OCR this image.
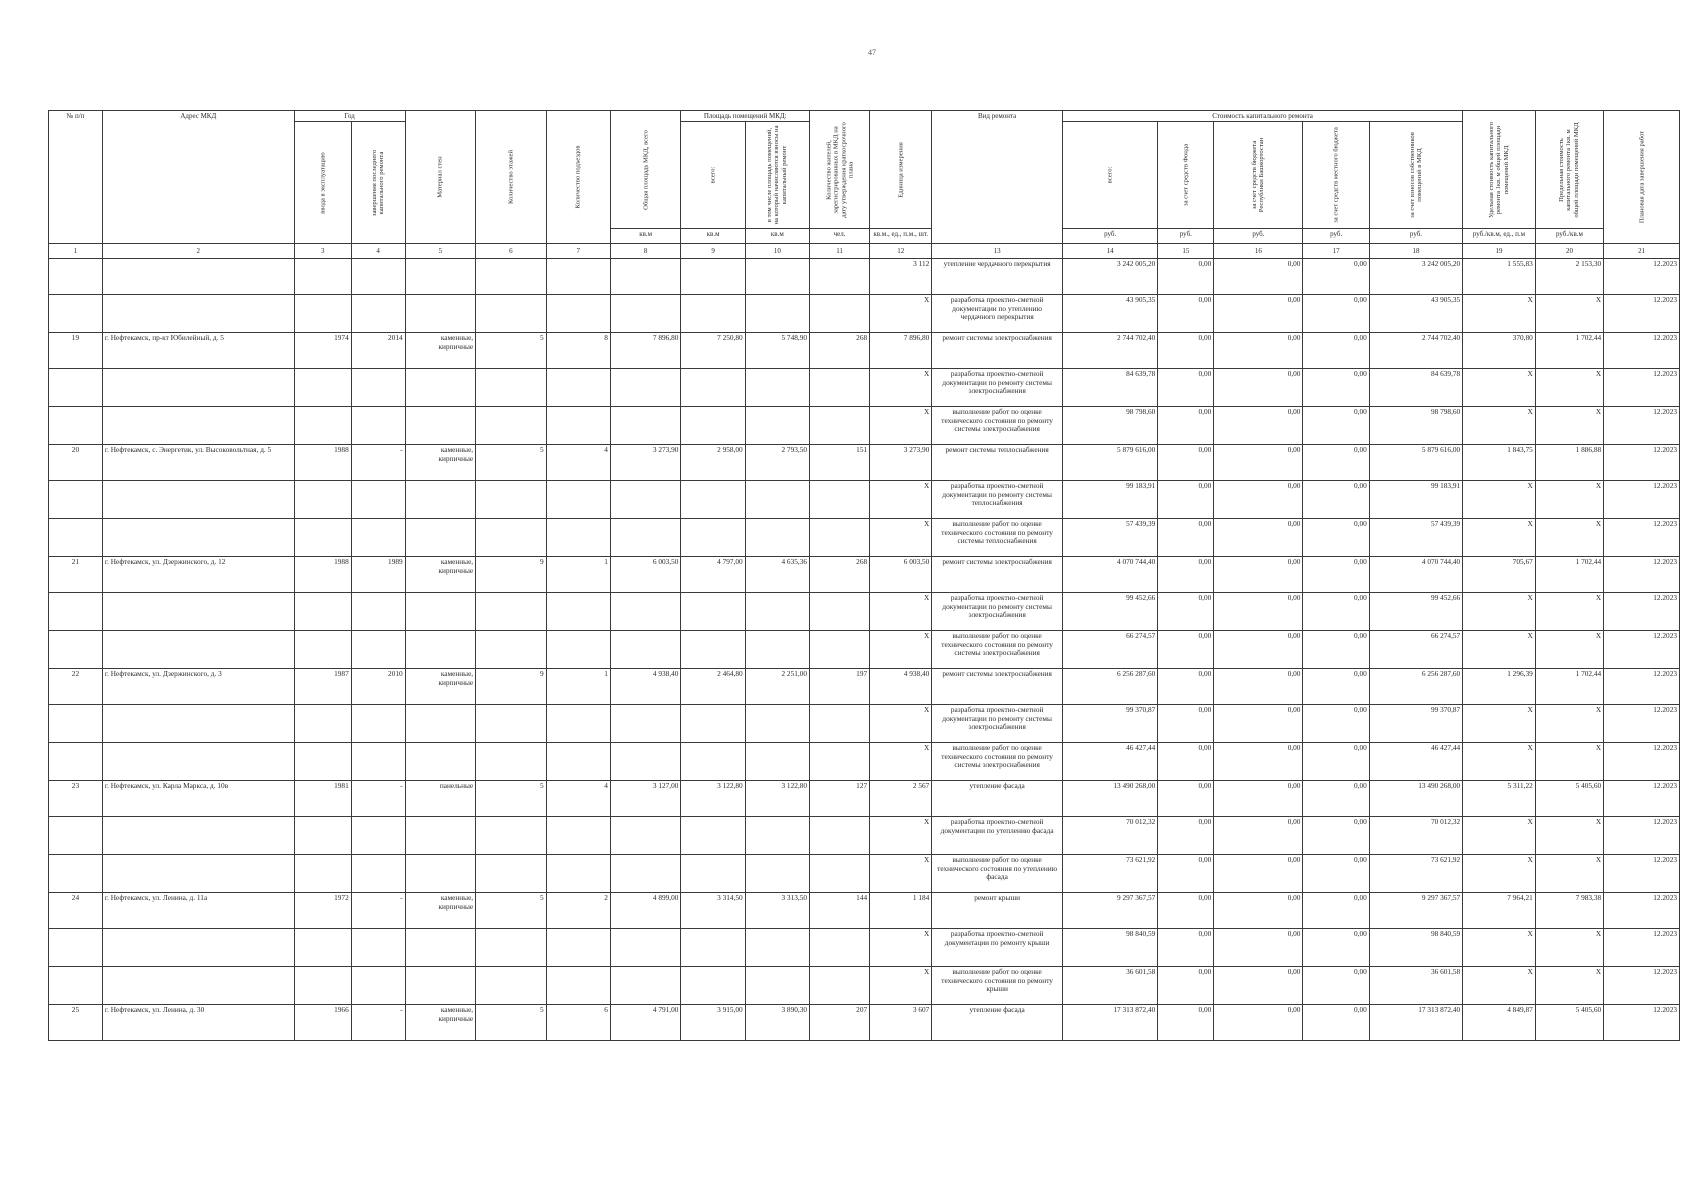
47
№ п/п	Адрес МКД	Год		Материал стен	Количество этажей	Количество подъездов	Общая площадь МКД, всего	Площадь помещений МКД:		Количество жителей, зарегистрированных в МКД на дату утверждения краткосрочного плана	Единица измерения	Вид ремонта	Стоимость капитального ремонта					Удельная стоимость капитального ремонта 1кв. м общей площади помещений МКД	Предельная стоимость капитального ремонта 1кв. м общей площади помещений МКД	Плановая дата завершения работ

		ввода в эксплуатацию	завершения последнего капитального ремонта					всего:	в том числе площадь помещений, на который начисляются взносы на капитальный ремонт				всего:	за счет средств Фонда	за счет средств бюджета Республики Башкортостан	за счет средств местного бюджета	за счет взносов собственников помещений в МКД			

							кв.м	кв.м	кв.м	чел.	кв.м., ед., п.м., шт.		руб.	руб.	руб.	руб.	руб.	руб./кв.м, ед., п.м	руб./кв.м	
1	2	3	4	5	6	7	8	9	10	11	12	13	14	15	16	17	18	19	20	21
											3 112	утепление чердачного перекрытия	3 242 005,20	0,00	0,00	0,00	3 242 005,20	1 555,83	2 153,30	12.2023
											X	разработка проектно-сметной документации по утеплению чердачного перекрытия	43 905,35	0,00	0,00	0,00	43 905,35	X	X	12.2023
19	г. Нефтекамск, пр-кт Юбилейный, д. 5	1974	2014	каменные, кирпичные	5	8	7 896,80	7 250,80	5 748,90	268	7 896,80	ремонт системы электроснабжения	2 744 702,40	0,00	0,00	0,00	2 744 702,40	370,80	1 702,44	12.2023
											X	разработка проектно-сметной документации по ремонту системы электроснабжения	84 639,78	0,00	0,00	0,00	84 639,78	X	X	12.2023
											X	выполнение работ по оценке технического состояния по ремонту системы электроснабжения	98 798,60	0,00	0,00	0,00	98 798,60	X	X	12.2023
20	г. Нефтекамск, с. Энергетик, ул. Высоковольтная, д. 5	1988	-	каменные, кирпичные	5	4	3 273,90	2 958,00	2 793,50	151	3 273,90	ремонт системы теплоснабжения	5 879 616,00	0,00	0,00	0,00	5 879 616,00	1 843,75	1 886,88	12.2023
											X	разработка проектно-сметной документации по ремонту системы теплоснабжения	99 183,91	0,00	0,00	0,00	99 183,91	X	X	12.2023
											X	выполнение работ по оценке технического состояния по ремонту системы теплоснабжения	57 439,39	0,00	0,00	0,00	57 439,39	X	X	12.2023
21	г. Нефтекамск, ул. Дзержинского, д. 12	1988	1989	каменные, кирпичные	9	1	6 003,50	4 797,00	4 635,36	268	6 003,50	ремонт системы электроснабжения	4 070 744,40	0,00	0,00	0,00	4 070 744,40	705,67	1 702,44	12.2023
											X	разработка проектно-сметной документации по ремонту системы электроснабжения	99 452,66	0,00	0,00	0,00	99 452,66	X	X	12.2023
											X	выполнение работ по оценке технического состояния по ремонту системы электроснабжения	66 274,57	0,00	0,00	0,00	66 274,57	X	X	12.2023
22	г. Нефтекамск, ул. Дзержинского, д. 3	1987	2010	каменные, кирпичные	9	1	4 938,40	2 464,80	2 251,00	197	4 938,40	ремонт системы электроснабжения	6 256 287,60	0,00	0,00	0,00	6 256 287,60	1 296,39	1 702,44	12.2023
											X	разработка проектно-сметной документации по ремонту системы электроснабжения	99 370,87	0,00	0,00	0,00	99 370,87	X	X	12.2023
											X	выполнение работ по оценке технического состояния по ремонту системы электроснабжения	46 427,44	0,00	0,00	0,00	46 427,44	X	X	12.2023
23	г. Нефтекамск, ул. Карла Маркса, д. 10в	1981	-	панельные	5	4	3 127,00	3 122,80	3 122,80	127	2 567	утепление фасада	13 490 268,00	0,00	0,00	0,00	13 490 268,00	5 311,22	5 405,60	12.2023
											X	разработка проектно-сметной документации по утеплению фасада	70 012,32	0,00	0,00	0,00	70 012,32	X	X	12.2023
											X	выполнение работ по оценке технического состояния по утеплению фасада	73 621,92	0,00	0,00	0,00	73 621,92	X	X	12.2023
24	г. Нефтекамск, ул. Ленина, д. 11а	1972	-	каменные, кирпичные	5	2	4 899,00	3 314,50	3 313,50	144	1 184	ремонт крыши	9 297 367,57	0,00	0,00	0,00	9 297 367,57	7 964,21	7 983,38	12.2023
											X	разработка проектно-сметной документации по ремонту крыши	98 840,59	0,00	0,00	0,00	98 840,59	X	X	12.2023
											X	выполнение работ по оценке технического состояния по ремонту крыши	36 601,58	0,00	0,00	0,00	36 601,58	X	X	12.2023
25	г. Нефтекамск, ул. Ленина, д. 30	1966	-	каменные, кирпичные	5	6	4 791,00	3 915,00	3 890,30	207	3 607	утепление фасада	17 313 872,40	0,00	0,00	0,00	17 313 872,40	4 849,87	5 405,60	12.2023
